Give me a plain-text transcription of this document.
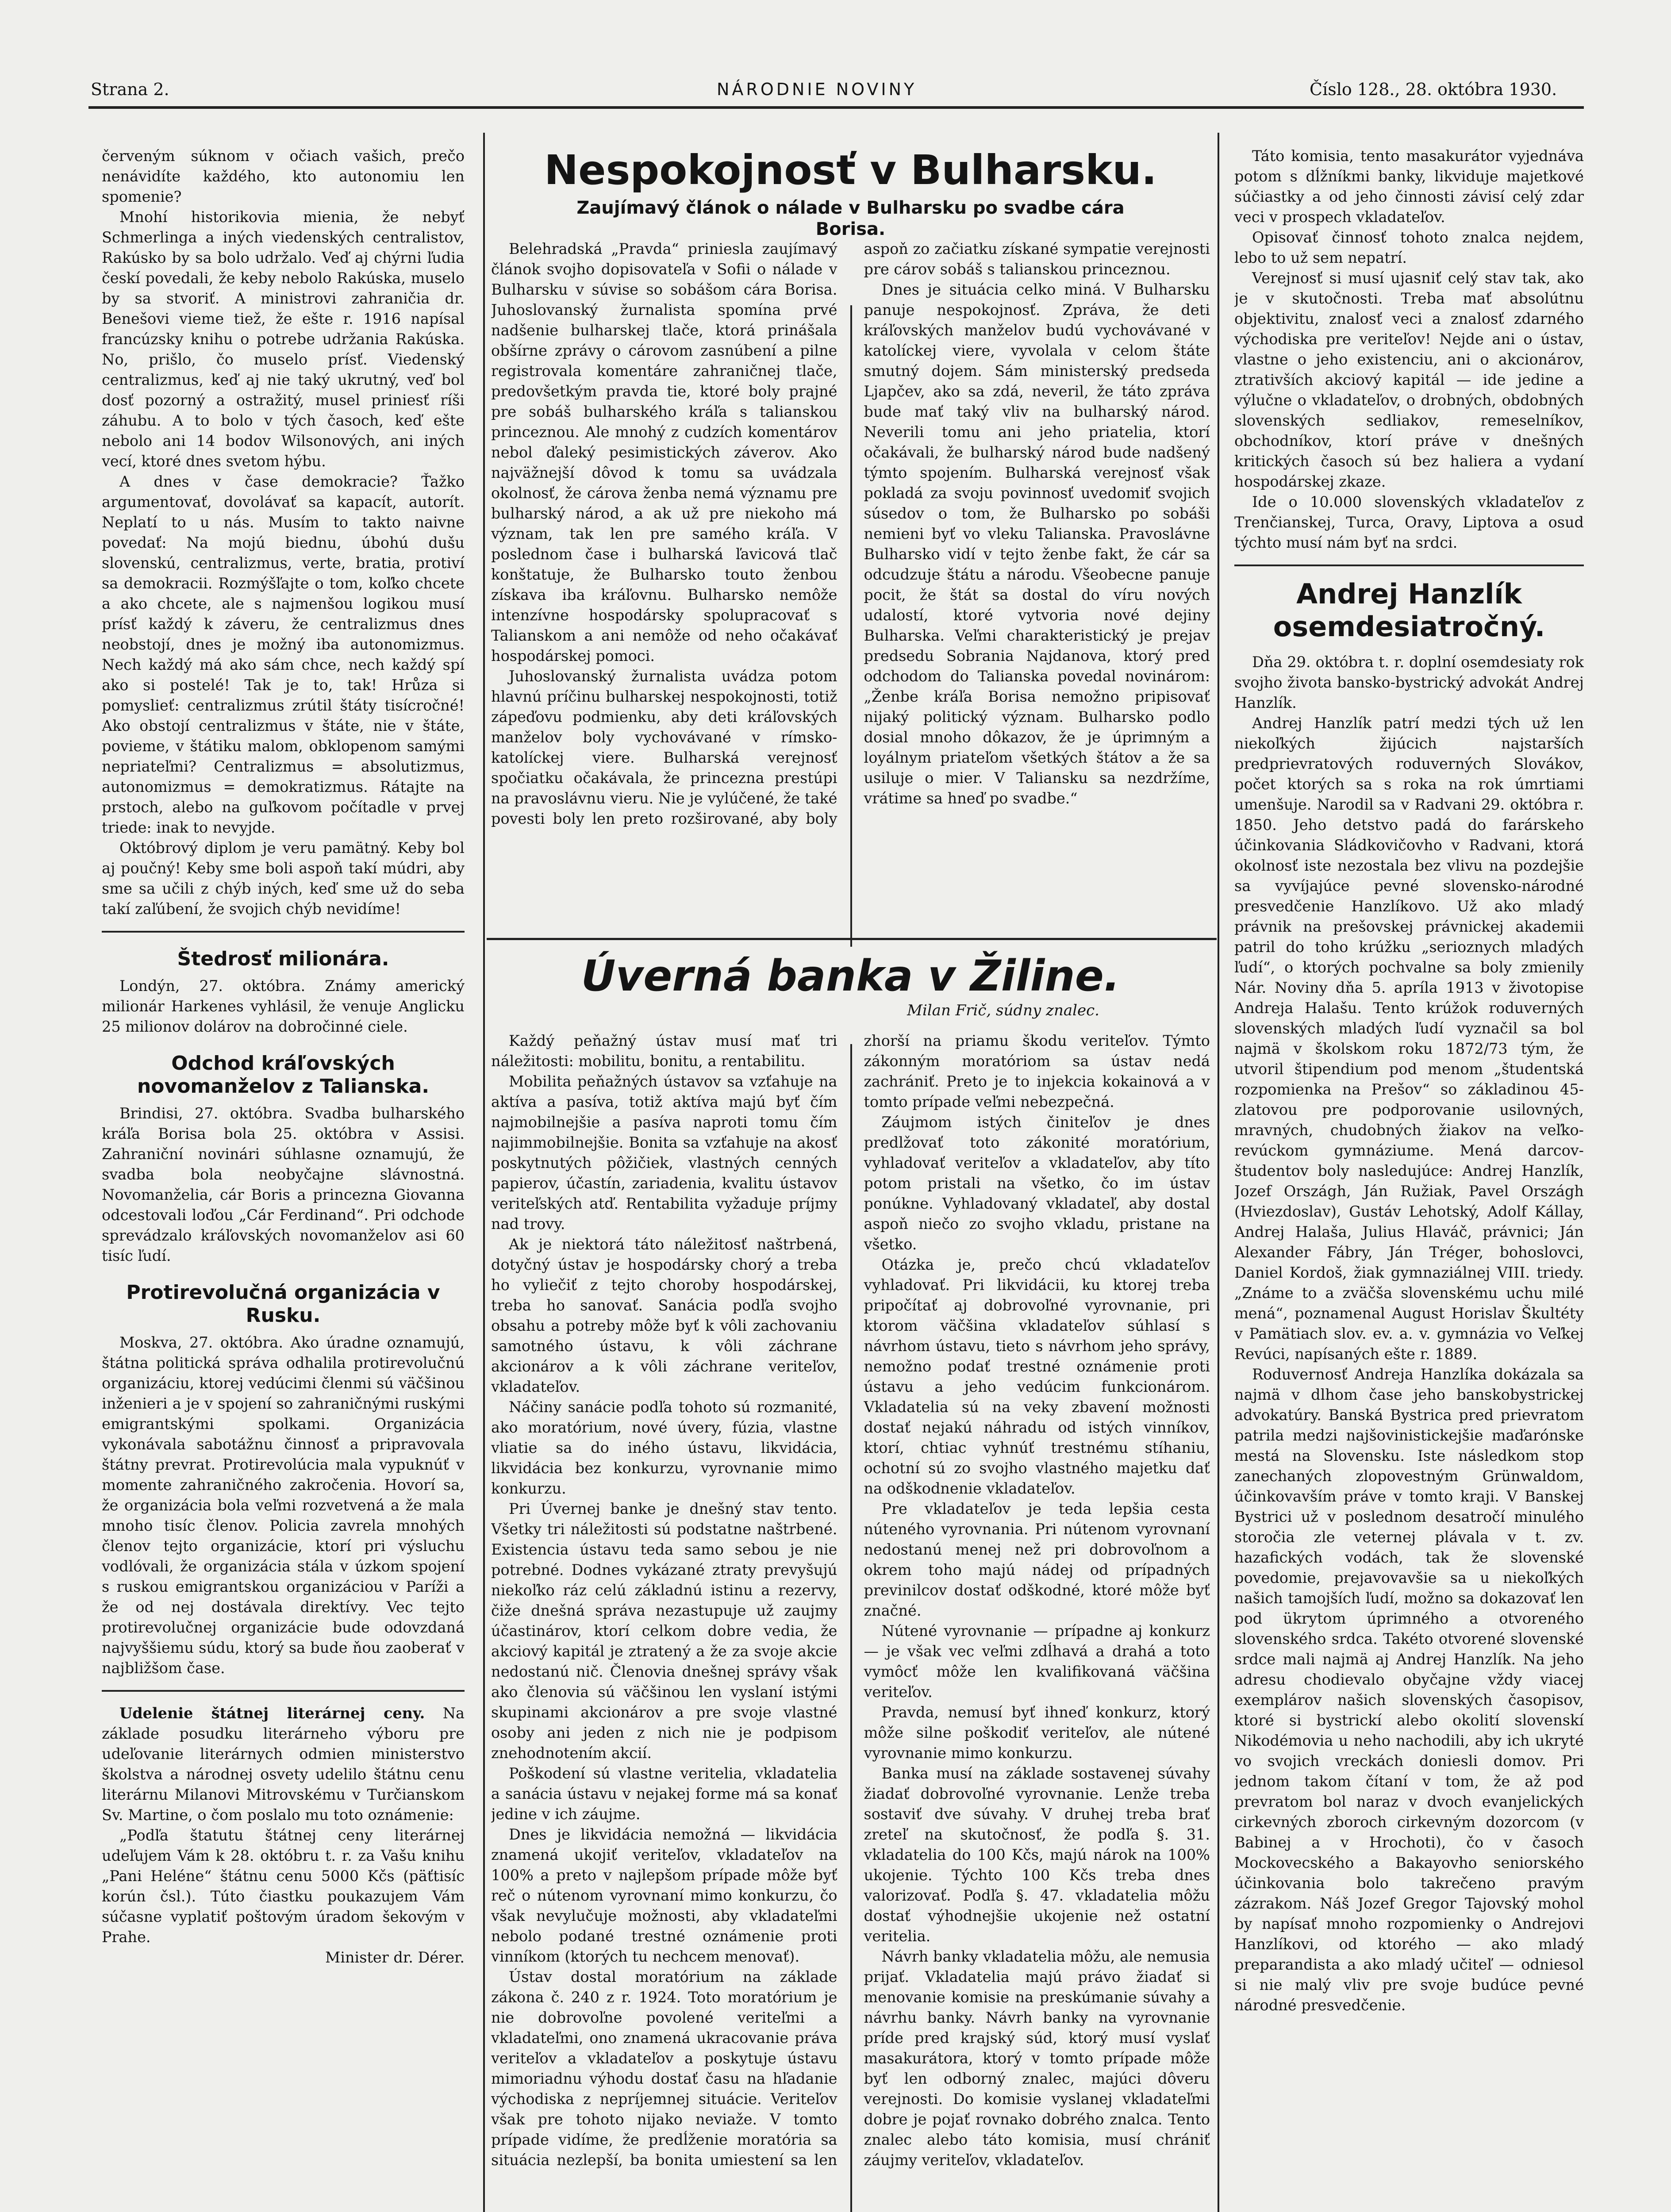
Strana 2.	NÁRODNIE NOVINY	Číslo 128., 28. októbra 1930.

červeným súknom v očiach vašich, prečo nenávidíte každého, kto autonomiu len spomenie?

Mnohí historikovia mienia, že nebyť Schmerlinga a iných viedenských centralistov, Rakúsko by sa bolo udržalo. Veď aj chýrni ľudia českí povedali, že keby nebolo Rakúska, muselo by sa stvoriť. A ministrovi zahraničia dr. Benešovi vieme tiež, že ešte r. 1916 napísal francúzsky knihu o potrebe udržania Rakúska. No, prišlo, čo muselo prísť. Viedenský centralizmus, keď aj nie taký ukrutný, veď bol dosť pozorný a ostražitý, musel priniesť ríši záhubu. A to bolo v tých časoch, keď ešte nebolo ani 14 bodov Wilsonových, ani iných vecí, ktoré dnes svetom hýbu.

A dnes v čase demokracie? Ťažko argumentovať, dovolávať sa kapacít, autorít. Neplatí to u nás. Musím to takto naivne povedať: Na mojú biednu, úbohú dušu slovenskú, centralizmus, verte, bratia, protiví sa demokracii. Rozmýšľajte o tom, koľko chcete a ako chcete, ale s najmenšou logikou musí prísť každý k záveru, že centralizmus dnes neobstojí, dnes je možný iba autonomizmus. Nech každý má ako sám chce, nech každý spí ako si postelé! Tak je to, tak! Hrůza si pomyslieť: centralizmus zrútil štáty tisícročné! Ako obstojí centralizmus v štáte, nie v štáte, povieme, v štátiku malom, obklopenom samými nepriateľmi? Centralizmus = absolutizmus, autonomizmus = demokratizmus. Rátajte na prstoch, alebo na guľkovom počítadle v prvej triede: inak to nevyjde.

Októbrový diplom je veru pamätný. Keby bol aj poučný! Keby sme boli aspoň takí múdri, aby sme sa učili z chýb iných, keď sme už do seba takí zaľúbení, že svojich chýb nevidíme!

Štedrosť milionára.

Londýn, 27. októbra. Známy americký milionár Harkenes vyhlásil, že venuje Anglicku 25 milionov dolárov na dobročinné ciele.

Odchod kráľovských novomanželov z Talianska.

Brindisi, 27. októbra. Svadba bulharského kráľa Borisa bola 25. októbra v Assisi. Zahraniční novinári súhlasne oznamujú, že svadba bola neobyčajne slávnostná. Novomanželia, cár Boris a princezna Giovanna odcestovali loďou „Cár Ferdinand“. Pri odchode sprevádzalo kráľovských novomanželov asi 60 tisíc ľudí.

Protirevolučná organizácia v Rusku.

Moskva, 27. októbra. Ako úradne oznamujú, štátna politická správa odhalila protirevolučnú organizáciu, ktorej vedúcimi členmi sú väčšinou inženieri a je v spojení so zahraničnými ruskými emigrantskými spolkami. Organizácia vykonávala sabotážnu činnosť a pripravovala štátny prevrat. Protirevolúcia mala vypuknúť v momente zahraničného zakročenia. Hovorí sa, že organizácia bola veľmi rozvetvená a že mala mnoho tisíc členov. Policia zavrela mnohých členov tejto organizácie, ktorí pri výsluchu vodlóvali, že organizácia stála v úzkom spojení s ruskou emigrantskou organizáciou v Paríži a že od nej dostávala direktívy. Vec tejto protirevolučnej organizácie bude odovzdaná najvyššiemu súdu, ktorý sa bude ňou zaoberať v najbližšom čase.

Udelenie štátnej literárnej ceny. Na základe posudku literárneho výboru pre udeľovanie literárnych odmien ministerstvo školstva a národnej osvety udelilo štátnu cenu literárnu Milanovi Mitrovskému v Turčianskom Sv. Martine, o čom poslalo mu toto oznámenie:

„Podľa štatutu štátnej ceny literárnej udeľujem Vám k 28. októbru t. r. za Vašu knihu „Pani Heléne“ štátnu cenu 5000 Kčs (päťtisíc korún čsl.). Túto čiastku poukazujem Vám súčasne vyplatiť poštovým úradom šekovým v Prahe.

Minister dr. Dérer.

Nespokojnosť v Bulharsku.
Zaujímavý článok o nálade v Bulharsku po svadbe cára Borisa.

Belehradská „Pravda“ priniesla zaujímavý článok svojho dopisovateľa v Sofii o nálade v Bulharsku v súvise so sobášom cára Borisa. Juhoslovanský žurnalista spomína prvé nadšenie bulharskej tlače, ktorá prinášala obšírne zprávy o cárovom zasnúbení a pilne registrovala komentáre zahraničnej tlače, predovšetkým pravda tie, ktoré boly prajné pre sobáš bulharského kráľa s talianskou princeznou. Ale mnohý z cudzích komentárov nebol ďaleký pesimistických záverov. Ako najväžnejší dôvod k tomu sa uvádzala okolnosť, že cárova ženba nemá významu pre bulharský národ, a ak už pre niekoho má význam, tak len pre samého kráľa. V poslednom čase i bulharská ľavicová tlač konštatuje, že Bulharsko touto ženbou získava iba kráľovnu. Bulharsko nemôže intenzívne hospodársky spolupracovať s Talianskom a ani nemôže od neho očakávať hospodárskej pomoci.

Juhoslovanský žurnalista uvádza potom hlavnú príčinu bulharskej nespokojnosti, totiž zápeďovu podmienku, aby deti kráľovských manželov boly vychovávané v rímsko-katolíckej viere. Bulharská verejnosť spočiatku očakávala, že princezna prestúpi na pravoslávnu vieru. Nie je vylúčené, že také povesti boly len preto rozširované, aby boly aspoň zo začiatku získané sympatie verejnosti pre cárov sobáš s talianskou princeznou.

Dnes je situácia celko miná. V Bulharsku panuje nespokojnosť. Zpráva, že deti kráľovských manželov budú vychovávané v katolíckej viere, vyvolala v celom štáte smutný dojem. Sám ministerský predseda Ljapčev, ako sa zdá, neveril, že táto zpráva bude mať taký vliv na bulharský národ. Neverili tomu ani jeho priatelia, ktorí očakávali, že bulharský národ bude nadšený týmto spojením. Bulharská verejnosť však pokladá za svoju povinnosť uvedomiť svojich súsedov o tom, že Bulharsko po sobáši nemieni byť vo vleku Talianska. Pravoslávne Bulharsko vidí v tejto ženbe fakt, že cár sa odcudzuje štátu a národu. Všeobecne panuje pocit, že štát sa dostal do víru nových udalostí, ktoré vytvoria nové dejiny Bulharska. Veľmi charakteristický je prejav predsedu Sobrania Najdanova, ktorý pred odchodom do Talianska povedal novinárom: „Ženbe kráľa Borisa nemožno pripisovať nijaký politický význam. Bulharsko podlo dosial mnoho dôkazov, že je úprimným a loyálnym priateľom všetkých štátov a že sa usiluje o mier. V Taliansku sa nezdržíme, vrátime sa hneď po svadbe.“

Úverná banka v Žiline.
Milan Frič, súdny znalec.

Každý peňažný ústav musí mať tri náležitosti: mobilitu, bonitu, a rentabilitu.

Mobilita peňažných ústavov sa vzťahuje na aktíva a pasíva, totiž aktíva majú byť čím najmobilnejšie a pasíva naproti tomu čím najimmobilnejšie. Bonita sa vzťahuje na akosť poskytnutých pôžičiek, vlastných cenných papierov, účastín, zariadenia, kvalitu ústavov veriteľských atď. Rentabilita vyžaduje príjmy nad trovy.

Ak je niektorá táto náležitosť naštrbená, dotyčný ústav je hospodársky chorý a treba ho vyliečiť z tejto choroby hospodárskej, treba ho sanovať. Sanácia podľa svojho obsahu a potreby môže byť k vôli zachovaniu samotného ústavu, k vôli záchrane akcionárov a k vôli záchrane veriteľov, vkladateľov.

Náčiny sanácie podľa tohoto sú rozmanité, ako moratórium, nové úvery, fúzia, vlastne vliatie sa do iného ústavu, likvidácia, likvidácia bez konkurzu, vyrovnanie mimo konkurzu.

Pri Úvernej banke je dnešný stav tento. Všetky tri náležitosti sú podstatne naštrbené. Existencia ústavu teda samo sebou je nie potrebné. Dodnes vykázané ztraty prevyšujú niekoľko ráz celú základnú istinu a rezervy, čiže dnešná správa nezastupuje už zaujmy účastinárov, ktorí celkom dobre vedia, že akciový kapitál je ztratený a že za svoje akcie nedostanú nič. Členovia dnešnej správy však ako členovia sú väčšinou len vyslaní istými skupinami akcionárov a pre svoje vlastné osoby ani jeden z nich nie je podpisom znehodnotením akcií.

Poškodení sú vlastne veritelia, vkladatelia a sanácia ústavu v nejakej forme má sa konať jedine v ich záujme.

Dnes je likvidácia nemožná — likvidácia znamená ukojiť veriteľov, vkladateľov na 100% a preto v najlepšom prípade môže byť reč o nútenom vyrovnaní mimo konkurzu, čo však nevylučuje možnosti, aby vkladateľmi nebolo podané trestné oznámenie proti vinníkom (ktorých tu nechcem menovať).

Ústav dostal moratórium na základe zákona č. 240 z r. 1924. Toto moratórium je nie dobrovoľne povolené veriteľmi a vkladateľmi, ono znamená ukracovanie práva veriteľov a vkladateľov a poskytuje ústavu mimoriadnu výhodu dostať času na hľadanie východiska z nepríjemnej situácie. Veriteľov však pre tohoto nijako neviaže. V tomto prípade vidíme, že predĺženie moratória sa situácia nezlepší, ba bonita umiestení sa len zhorší na priamu škodu veriteľov. Týmto zákonným moratóriom sa ústav nedá zachrániť. Preto je to injekcia kokainová a v tomto prípade veľmi nebezpečná.

Záujmom istých činiteľov je dnes predlžovať toto zákonité moratórium, vyhladovať veriteľov a vkladateľov, aby títo potom pristali na všetko, čo im ústav ponúkne. Vyhladovaný vkladateľ, aby dostal aspoň niečo zo svojho vkladu, pristane na všetko.

Otázka je, prečo chcú vkladateľov vyhladovať. Pri likvidácii, ku ktorej treba pripočítať aj dobrovoľné vyrovnanie, pri ktorom väčšina vkladateľov súhlasí s návrhom ústavu, tieto s návrhom jeho správy, nemožno podať trestné oznámenie proti ústavu a jeho vedúcim funkcionárom. Vkladatelia sú na veky zbavení možnosti dostať nejakú náhradu od istých vinníkov, ktorí, chtiac vyhnúť trestnému stíhaniu, ochotní sú zo svojho vlastného majetku dať na odškodnenie vkladateľov.

Pre vkladateľov je teda lepšia cesta núteného vyrovnania. Pri nútenom vyrovnaní nedostanú menej než pri dobrovoľnom a okrem toho majú nádej od prípadných previnilcov dostať odškodné, ktoré môže byť značné.

Nútené vyrovnanie — prípadne aj konkurz — je však vec veľmi zdĺhavá a drahá a toto vymôcť môže len kvalifikovaná väčšina veriteľov.

Pravda, nemusí byť ihneď konkurz, ktorý môže silne poškodiť veriteľov, ale nútené vyrovnanie mimo konkurzu.

Banka musí na základe sostavenej súvahy žiadať dobrovoľné vyrovnanie. Lenže treba sostaviť dve súvahy. V druhej treba brať zreteľ na skutočnosť, že podľa §. 31. vkladatelia do 100 Kčs, majú nárok na 100% ukojenie. Týchto 100 Kčs treba dnes valorizovať. Podľa §. 47. vkladatelia môžu dostať výhodnejšie ukojenie než ostatní veritelia.

Návrh banky vkladatelia môžu, ale nemusia prijať. Vkladatelia majú právo žiadať si menovanie komisie na preskúmanie súvahy a návrhu banky. Návrh banky na vyrovnanie príde pred krajský súd, ktorý musí vyslať masakurátora, ktorý v tomto prípade môže byť len odborný znalec, majúci dôveru verejnosti. Do komisie vyslanej vkladateľmi dobre je pojať rovnako dobrého znalca. Tento znalec alebo táto komisia, musí chrániť záujmy veriteľov, vkladateľov.

Táto komisia, tento masakurátor vyjednáva potom s dĺžníkmi banky, likviduje majetkové súčiastky a od jeho činnosti závisí celý zdar veci v prospech vkladateľov.

Opisovať činnosť tohoto znalca nejdem, lebo to už sem nepatrí.

Verejnosť si musí ujasniť celý stav tak, ako je v skutočnosti. Treba mať absolútnu objektivitu, znalosť veci a znalosť zdarného východiska pre veriteľov! Nejde ani o ústav, vlastne o jeho existenciu, ani o akcionárov, ztrativších akciový kapitál — ide jedine a výlučne o vkladateľov, o drobných, obdobných slovenských sedliakov, remeselníkov, obchodníkov, ktorí práve v dnešných kritických časoch sú bez haliera a vydaní hospodárskej zkaze.

Ide o 10.000 slovenských vkladateľov z Trenčianskej, Turca, Oravy, Liptova a osud týchto musí nám byť na srdci.

Andrej Hanzlík osemdesiatročný.

Dňa 29. októbra t. r. doplní osemdesiaty rok svojho života bansko-bystrický advokát Andrej Hanzlík.

Andrej Hanzlík patrí medzi tých už len niekoľkých žijúcich najstarších predprievratových roduverných Slovákov, počet ktorých sa s roka na rok úmrtiami umenšuje. Narodil sa v Radvani 29. októbra r. 1850. Jeho detstvo padá do farárskeho účinkovania Sládkovičovho v Radvani, ktorá okolnosť iste nezostala bez vlivu na pozdejšie sa vyvíjajúce pevné slovensko-národné presvedčenie Hanzlíkovo. Už ako mladý právnik na prešovskej právnickej akademii patril do toho krúžku „serioznych mladých ľudí“, o ktorých pochvalne sa boly zmienily Nár. Noviny dňa 5. apríla 1913 v životopise Andreja Halašu. Tento krúžok roduverných slovenských mladých ľudí vyznačil sa bol najmä v školskom roku 1872/73 tým, že utvoril štipendium pod menom „študentská rozpomienka na Prešov“ so základinou 45-zlatovou pre podporovanie usilovných, mravných, chudobných žiakov na veľko-revúckom gymnáziume. Mená darcov-študentov boly nasledujúce: Andrej Hanzlík, Jozef Országh, Ján Ružiak, Pavel Országh (Hviezdoslav), Gustáv Lehotský, Adolf Kállay, Andrej Halaša, Julius Hlaváč, právnici; Ján Alexander Fábry, Ján Tréger, bohoslovci, Daniel Kordoš, žiak gymnaziálnej VIII. triedy. „Známe to a zväčša slovenskému uchu milé mená“, poznamenal August Horislav Škultéty v Pamätiach slov. ev. a. v. gymnázia vo Veľkej Revúci, napísaných ešte r. 1889.

Roduvernosť Andreja Hanzlíka dokázala sa najmä v dlhom čase jeho banskobystrickej advokatúry. Banská Bystrica pred prievratom patrila medzi najšovinistickejšie maďarónske mestá na Slovensku. Iste následkom stop zanechaných zlopovestným Grünwaldom, účinkovavším práve v tomto kraji. V Banskej Bystrici už v poslednom desatročí minulého storočia zle veternej plávala v t. zv. hazafických vodách, tak že slovenské povedomie, prejavovavšie sa u niekoľkých našich tamojších ľudí, možno sa dokazovať len pod ükrytom úprimného a otvoreného slovenského srdca. Takéto otvorené slovenské srdce mali najmä aj Andrej Hanzlík. Na jeho adresu chodievalo obyčajne vždy viacej exemplárov našich slovenských časopisov, ktoré si bystrickí alebo okolití slovenskí Nikodémovia u neho nachodili, aby ich ukryté vo svojich vreckách doniesli domov. Pri jednom takom čítaní v tom, že až pod prevratom bol naraz v dvoch evanjelických cirkevných zboroch cirkevným dozorcom (v Babinej a v Hrochoti), čo v časoch Mockovecského a Bakayovho seniorského účinkovania bolo takrečeno pravým zázrakom. Náš Jozef Gregor Tajovský mohol by napísať mnoho rozpomienky o Andrejovi Hanzlíkovi, od ktorého — ako mladý preparandista a ako mladý učiteľ — odniesol si nie malý vliv pre svoje budúce pevné národné presvedčenie.
